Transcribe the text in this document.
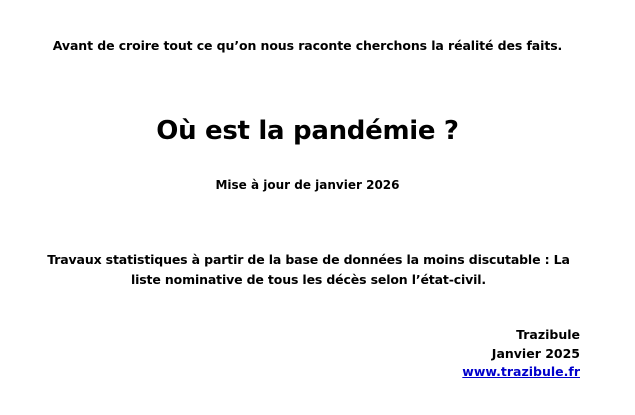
Avant de croire tout ce qu’on nous raconte cherchons la réalité des faits.
Où est la pandémie ?
Mise à jour de janvier 2026
Travaux statistiques à partir de la base de données la moins discutable : La
liste nominative de tous les décès selon l’état-civil.
Trazibule
Janvier 2025
www.trazibule.fr
